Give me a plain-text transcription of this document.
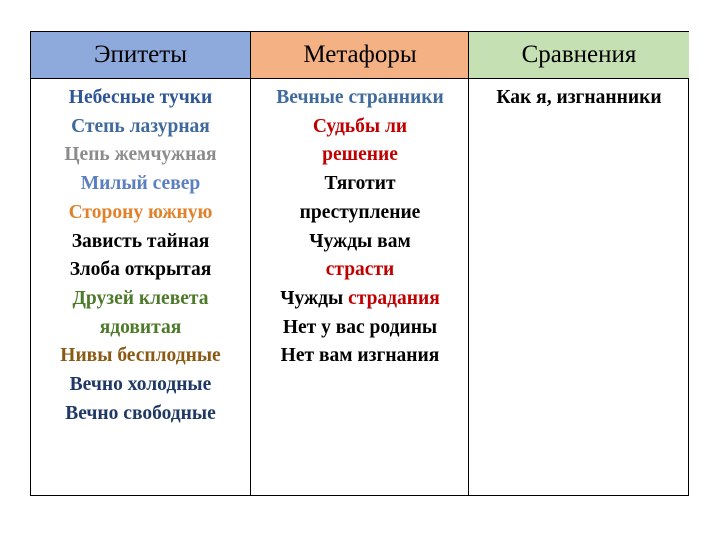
Эпитеты
Небесные тучки
Степь лазурная
Цепь жемчужная
Милый север
Сторону южную
Зависть тайная
Злоба открытая
Друзей клевета
ядовитая
Нивы бесплодные
Вечно холодные
Вечно свободные
Метафоры
Вечные странники
Судьбы ли
решение
Тяготит
преступление
Чужды вам
страсти
Чужды страдания
Нет у вас родины
Нет вам изгнания
Сравнения
Как я, изгнанники
